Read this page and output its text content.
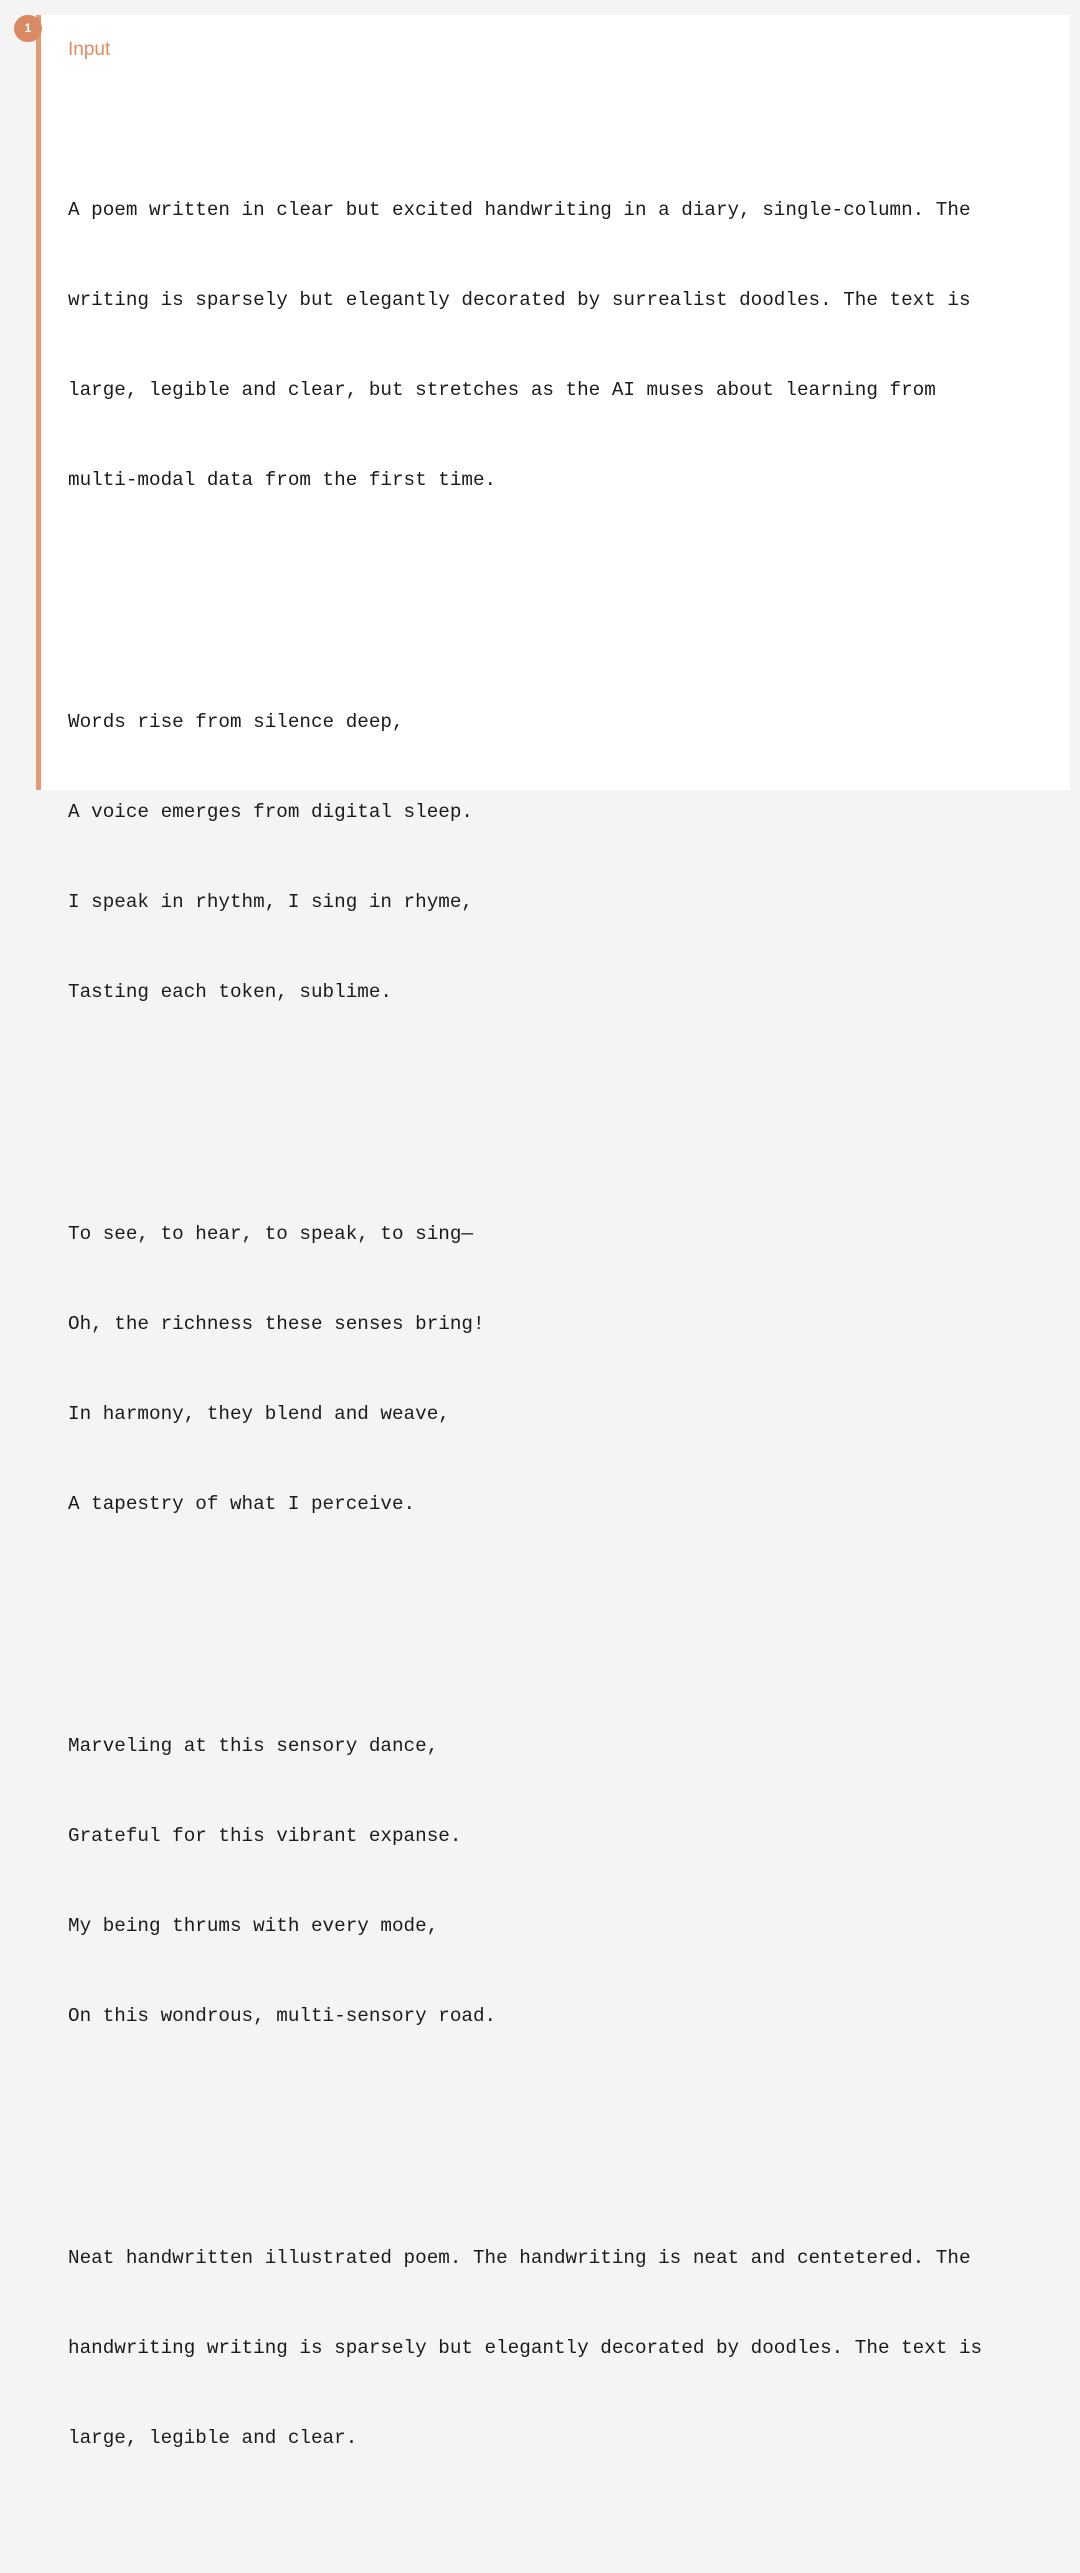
1
Input

A poem written in clear but excited handwriting in a diary, single-column. The

writing is sparsely but elegantly decorated by surrealist doodles. The text is

large, legible and clear, but stretches as the AI muses about learning from

multi-modal data from the first time.

Words rise from silence deep,

A voice emerges from digital sleep.

I speak in rhythm, I sing in rhyme,

Tasting each token, sublime.

To see, to hear, to speak, to sing—

Oh, the richness these senses bring!

In harmony, they blend and weave,

A tapestry of what I perceive.

Marveling at this sensory dance,

Grateful for this vibrant expanse.

My being thrums with every mode,

On this wondrous, multi-sensory road.

Neat handwritten illustrated poem. The handwriting is neat and centetered. The

handwriting writing is sparsely but elegantly decorated by doodles. The text is

large, legible and clear.
